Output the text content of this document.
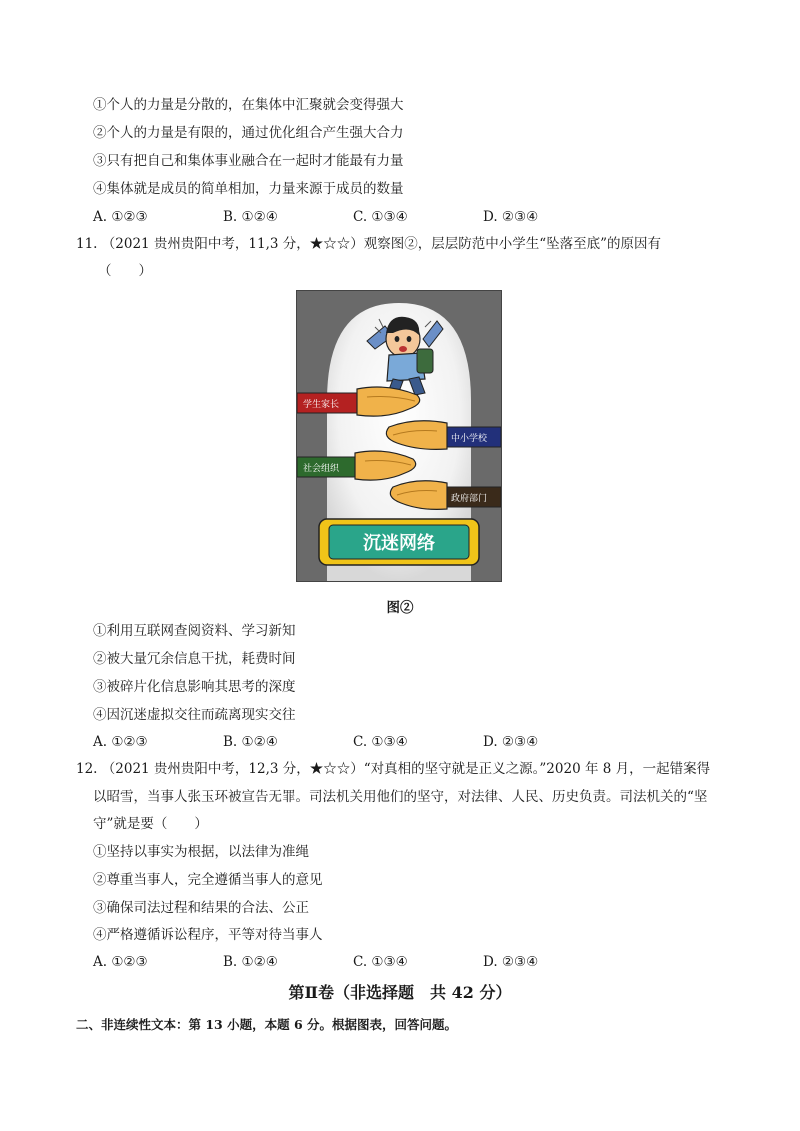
①个人的力量是分散的，在集体中汇聚就会变得强大
②个人的力量是有限的，通过优化组合产生强大合力
③只有把自己和集体事业融合在一起时才能最有力量
④集体就是成员的简单相加，力量来源于成员的数量
A. ①②③	B. ①②④	C. ①③④	D. ②③④
11. （2021 贵州贵阳中考，11,3 分，★☆☆）观察图②，层层防范中小学生“坠落至底”的原因有
（　　）
学生家长
中小学校
社会组织
政府部门
沉迷网络
图②
①利用互联网查阅资料、学习新知
②被大量冗余信息干扰，耗费时间
③被碎片化信息影响其思考的深度
④因沉迷虚拟交往而疏离现实交往
A. ①②③	B. ①②④	C. ①③④	D. ②③④
12. （2021 贵州贵阳中考，12,3 分，★☆☆）“对真相的坚守就是正义之源。”2020 年 8 月，一起错案得
以昭雪，当事人张玉环被宣告无罪。司法机关用他们的坚守，对法律、人民、历史负责。司法机关的“坚
守”就是要（　　）
①坚持以事实为根据，以法律为准绳
②尊重当事人，完全遵循当事人的意见
③确保司法过程和结果的合法、公正
④严格遵循诉讼程序，平等对待当事人
A. ①②③	B. ①②④	C. ①③④	D. ②③④
第Ⅱ卷（非选择题　共 42 分）
二、非连续性文本：第 13 小题，本题 6 分。根据图表，回答问题。
